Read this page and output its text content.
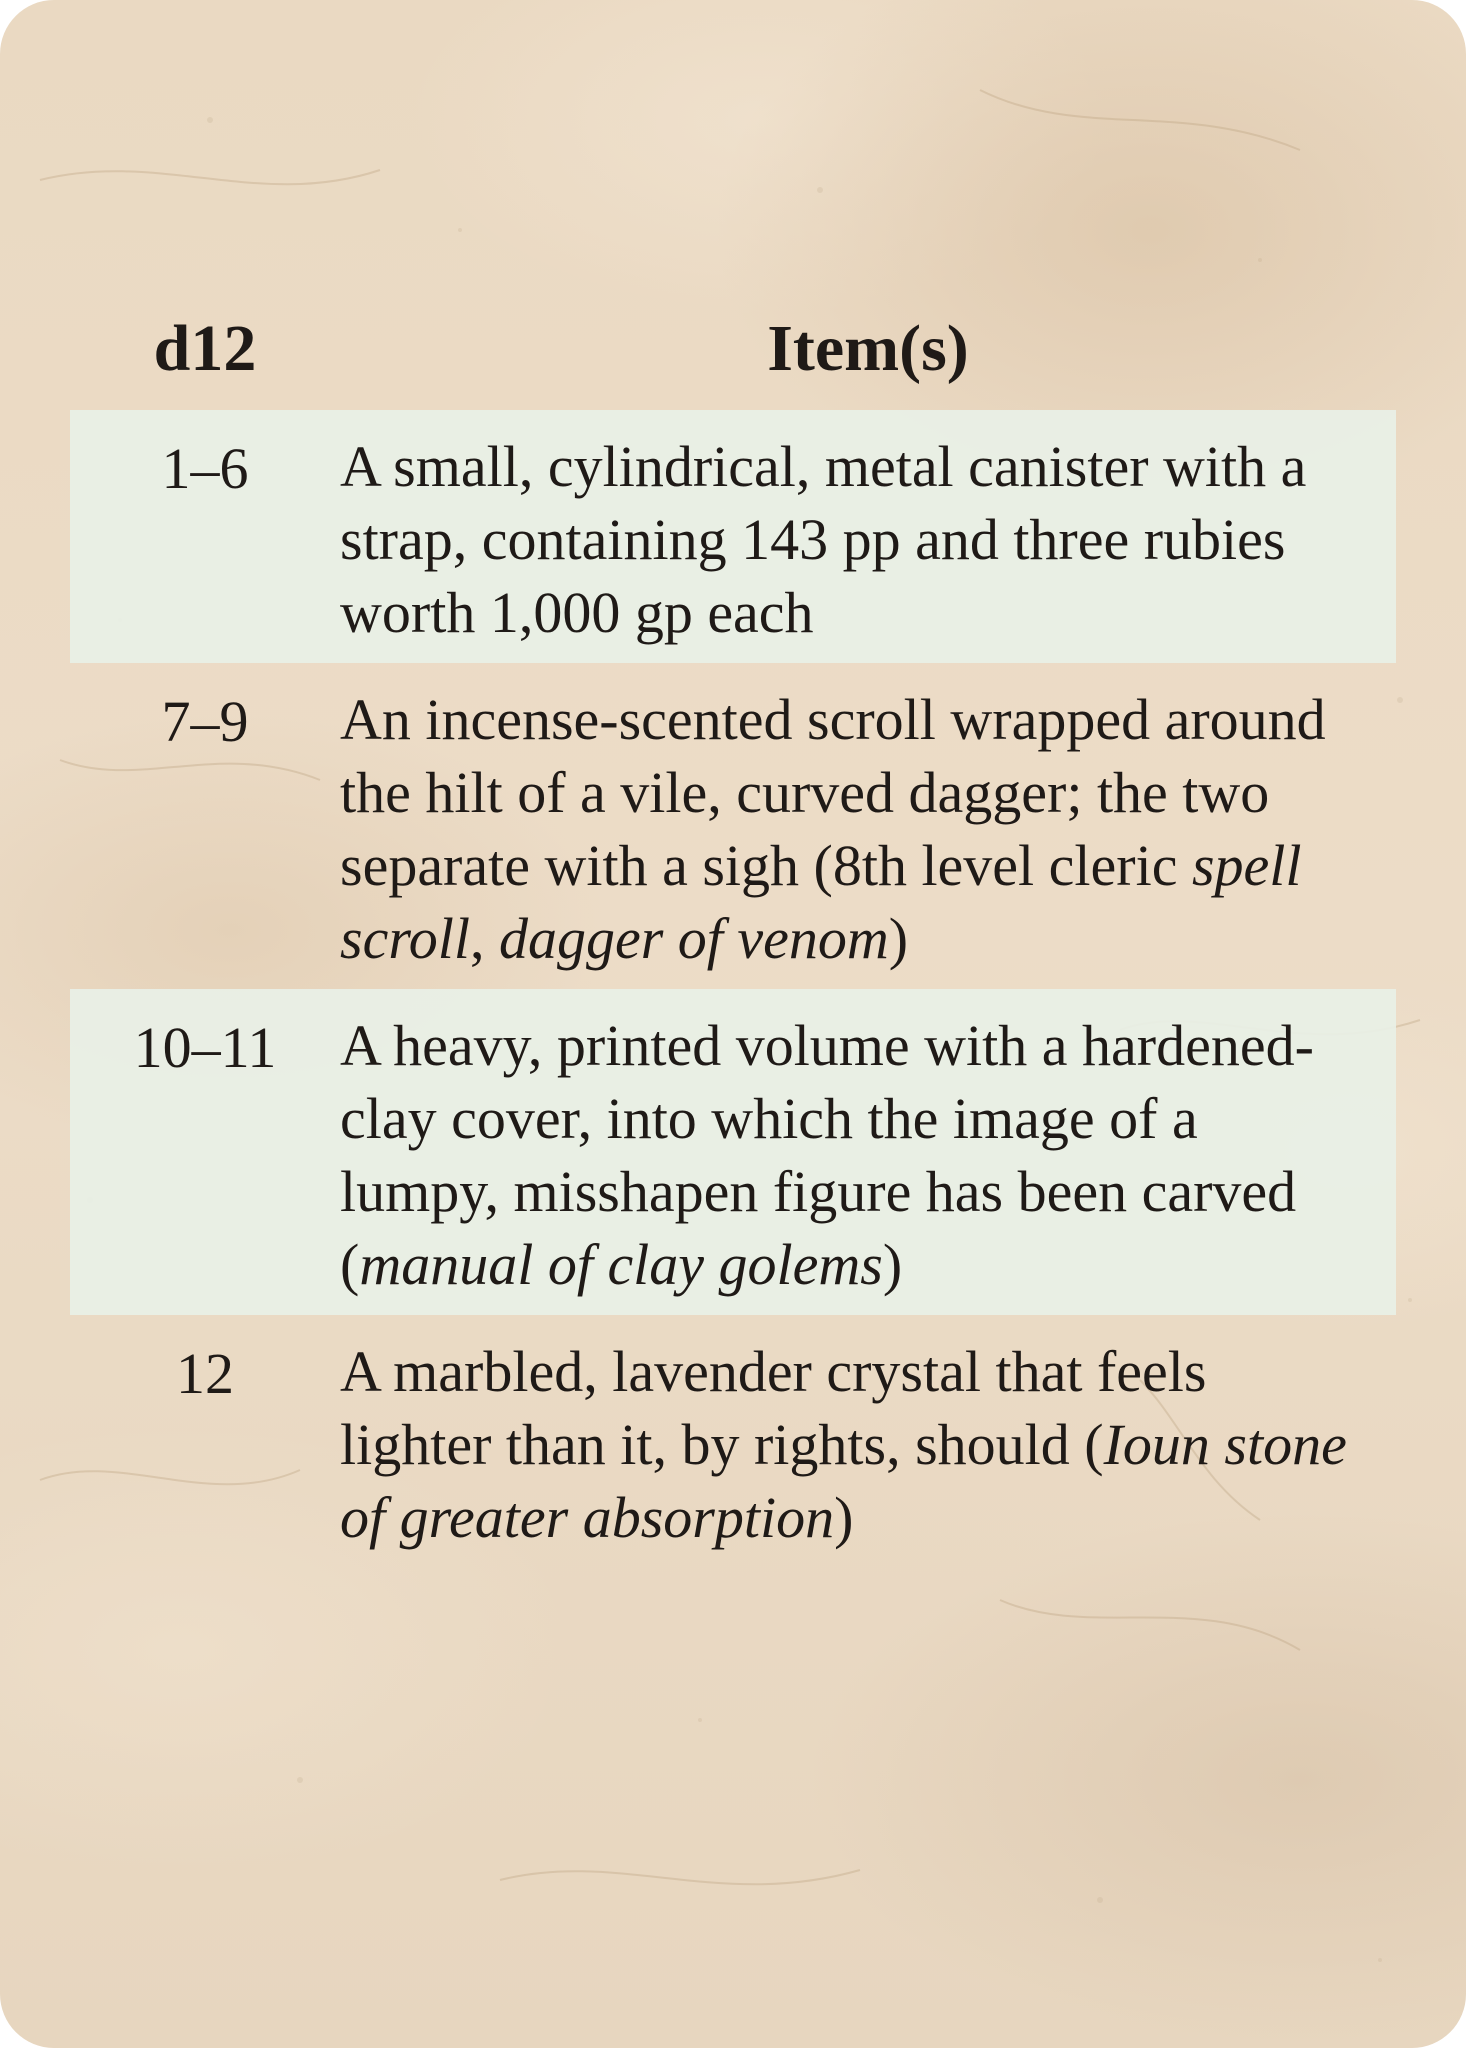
d12	Item(s)
1–6	A small, cylindrical, metal canister with a strap, containing 143 pp and three rubies worth 1,000 gp each
7–9	An incense-scented scroll wrapped around the hilt of a vile, curved dagger; the two separate with a sigh (8th level cleric spell scroll, dagger of venom)
10–11	A heavy, printed volume with a hardened-clay cover, into which the image of a lumpy, misshapen figure has been carved (manual of clay golems)
12	A marbled, lavender crystal that feels lighter than it, by rights, should (Ioun stone of greater absorption)
